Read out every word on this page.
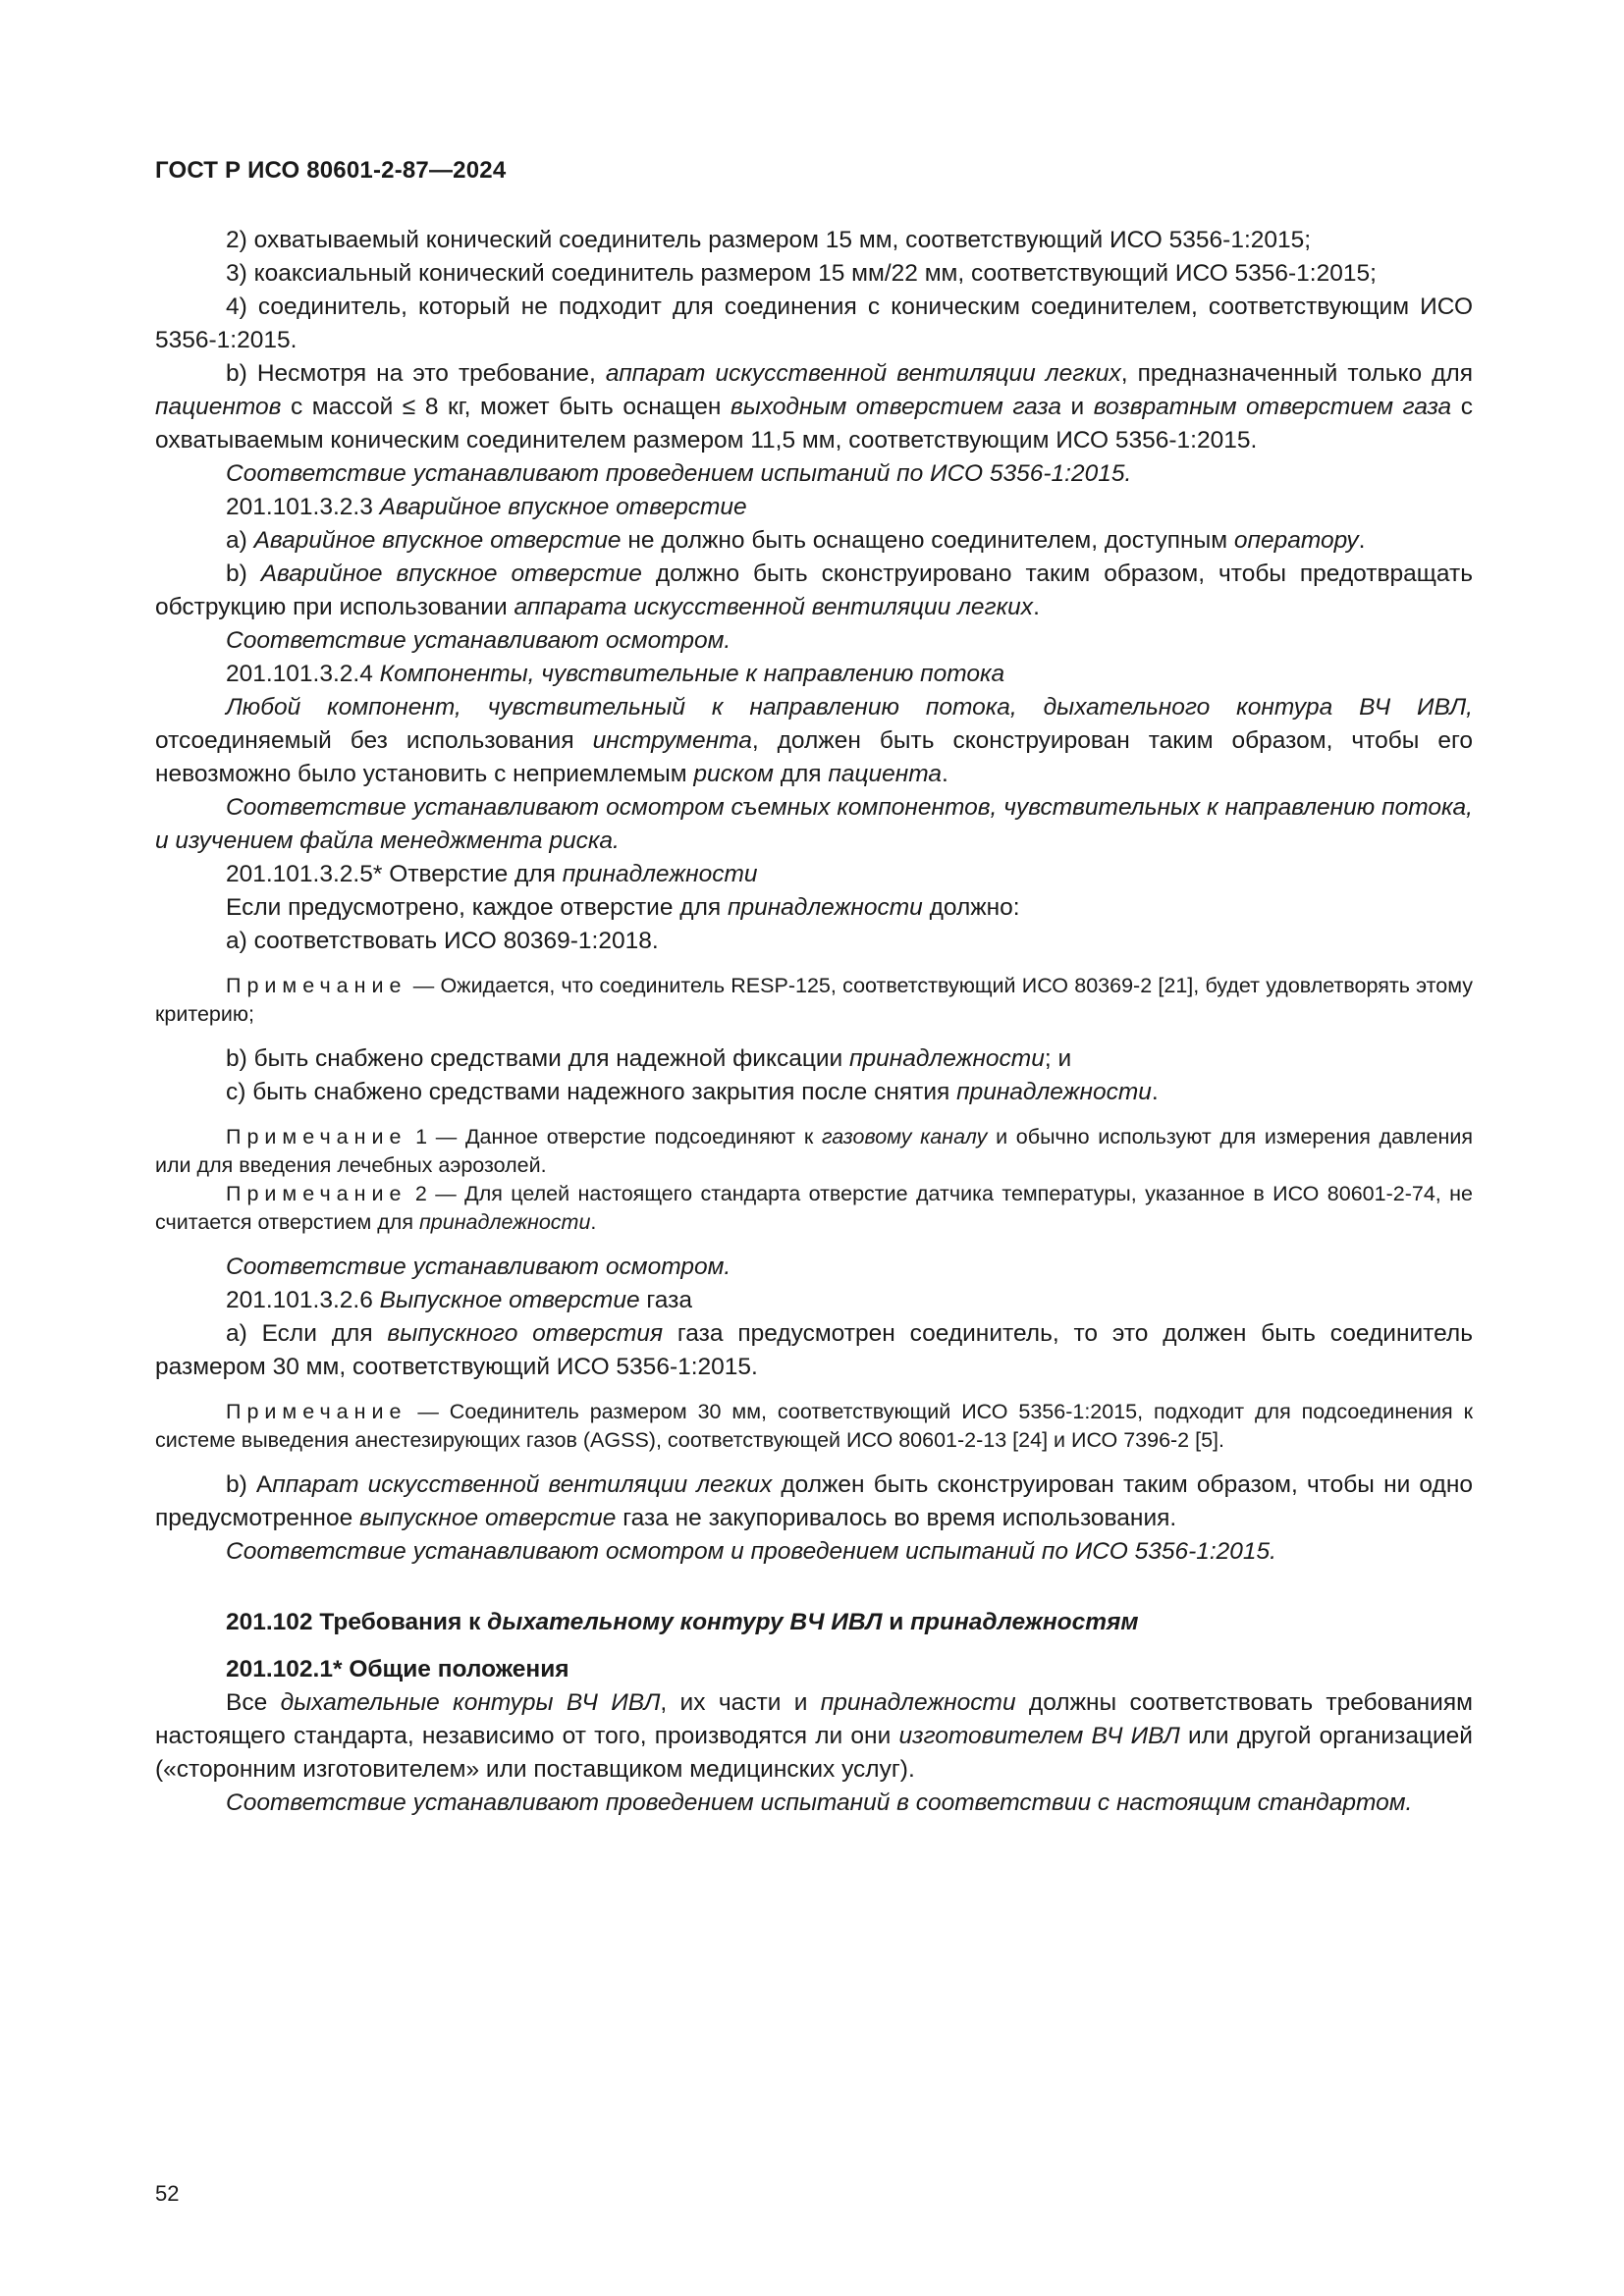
ГОСТ Р ИСО 80601-2-87—2024

2) охватываемый конический соединитель размером 15 мм, соответствующий ИСО 5356-1:2015;

3) коаксиальный конический соединитель размером 15 мм/22 мм, соответствующий ИСО 5356-1:2015;

4) соединитель, который не подходит для соединения с коническим соединителем, соответствующим ИСО 5356-1:2015.

b) Несмотря на это требование, аппарат искусственной вентиляции легких, предназначенный только для пациентов с массой ≤ 8 кг, может быть оснащен выходным отверстием газа и возвратным отверстием газа с охватываемым коническим соединителем размером 11,5 мм, соответствующим ИСО 5356-1:2015.

Соответствие устанавливают проведением испытаний по ИСО 5356-1:2015.

201.101.3.2.3 Аварийное впускное отверстие

а) Аварийное впускное отверстие не должно быть оснащено соединителем, доступным оператору.

b) Аварийное впускное отверстие должно быть сконструировано таким образом, чтобы предотвращать обструкцию при использовании аппарата искусственной вентиляции легких.

Соответствие устанавливают осмотром.

201.101.3.2.4 Компоненты, чувствительные к направлению потока

Любой компонент, чувствительный к направлению потока, дыхательного контура ВЧ ИВЛ, отсоединяемый без использования инструмента, должен быть сконструирован таким образом, чтобы его невозможно было установить с неприемлемым риском для пациента.

Соответствие устанавливают осмотром съемных компонентов, чувствительных к направлению потока, и изучением файла менеджмента риска.

201.101.3.2.5* Отверстие для принадлежности

Если предусмотрено, каждое отверстие для принадлежности должно:

а) соответствовать ИСО 80369-1:2018.

Примечание — Ожидается, что соединитель RESP-125, соответствующий ИСО 80369-2 [21], будет удовлетворять этому критерию;

b) быть снабжено средствами для надежной фиксации принадлежности; и

с) быть снабжено средствами надежного закрытия после снятия принадлежности.

Примечание 1 — Данное отверстие подсоединяют к газовому каналу и обычно используют для измерения давления или для введения лечебных аэрозолей.

Примечание 2 — Для целей настоящего стандарта отверстие датчика температуры, указанное в ИСО 80601-2-74, не считается отверстием для принадлежности.

Соответствие устанавливают осмотром.

201.101.3.2.6 Выпускное отверстие газа

а) Если для выпускного отверстия газа предусмотрен соединитель, то это должен быть соединитель размером 30 мм, соответствующий ИСО 5356-1:2015.

Примечание — Соединитель размером 30 мм, соответствующий ИСО 5356-1:2015, подходит для подсоединения к системе выведения анестезирующих газов (AGSS), соответствующей ИСО 80601-2-13 [24] и ИСО 7396-2 [5].

b) Аппарат искусственной вентиляции легких должен быть сконструирован таким образом, чтобы ни одно предусмотренное выпускное отверстие газа не закупоривалось во время использования.

Соответствие устанавливают осмотром и проведением испытаний по ИСО 5356-1:2015.

201.102 Требования к дыхательному контуру ВЧ ИВЛ и принадлежностям
201.102.1* Общие положения

Все дыхательные контуры ВЧ ИВЛ, их части и принадлежности должны соответствовать требованиям настоящего стандарта, независимо от того, производятся ли они изготовителем ВЧ ИВЛ или другой организацией («сторонним изготовителем» или поставщиком медицинских услуг).

Соответствие устанавливают проведением испытаний в соответствии с настоящим стандартом.

52
